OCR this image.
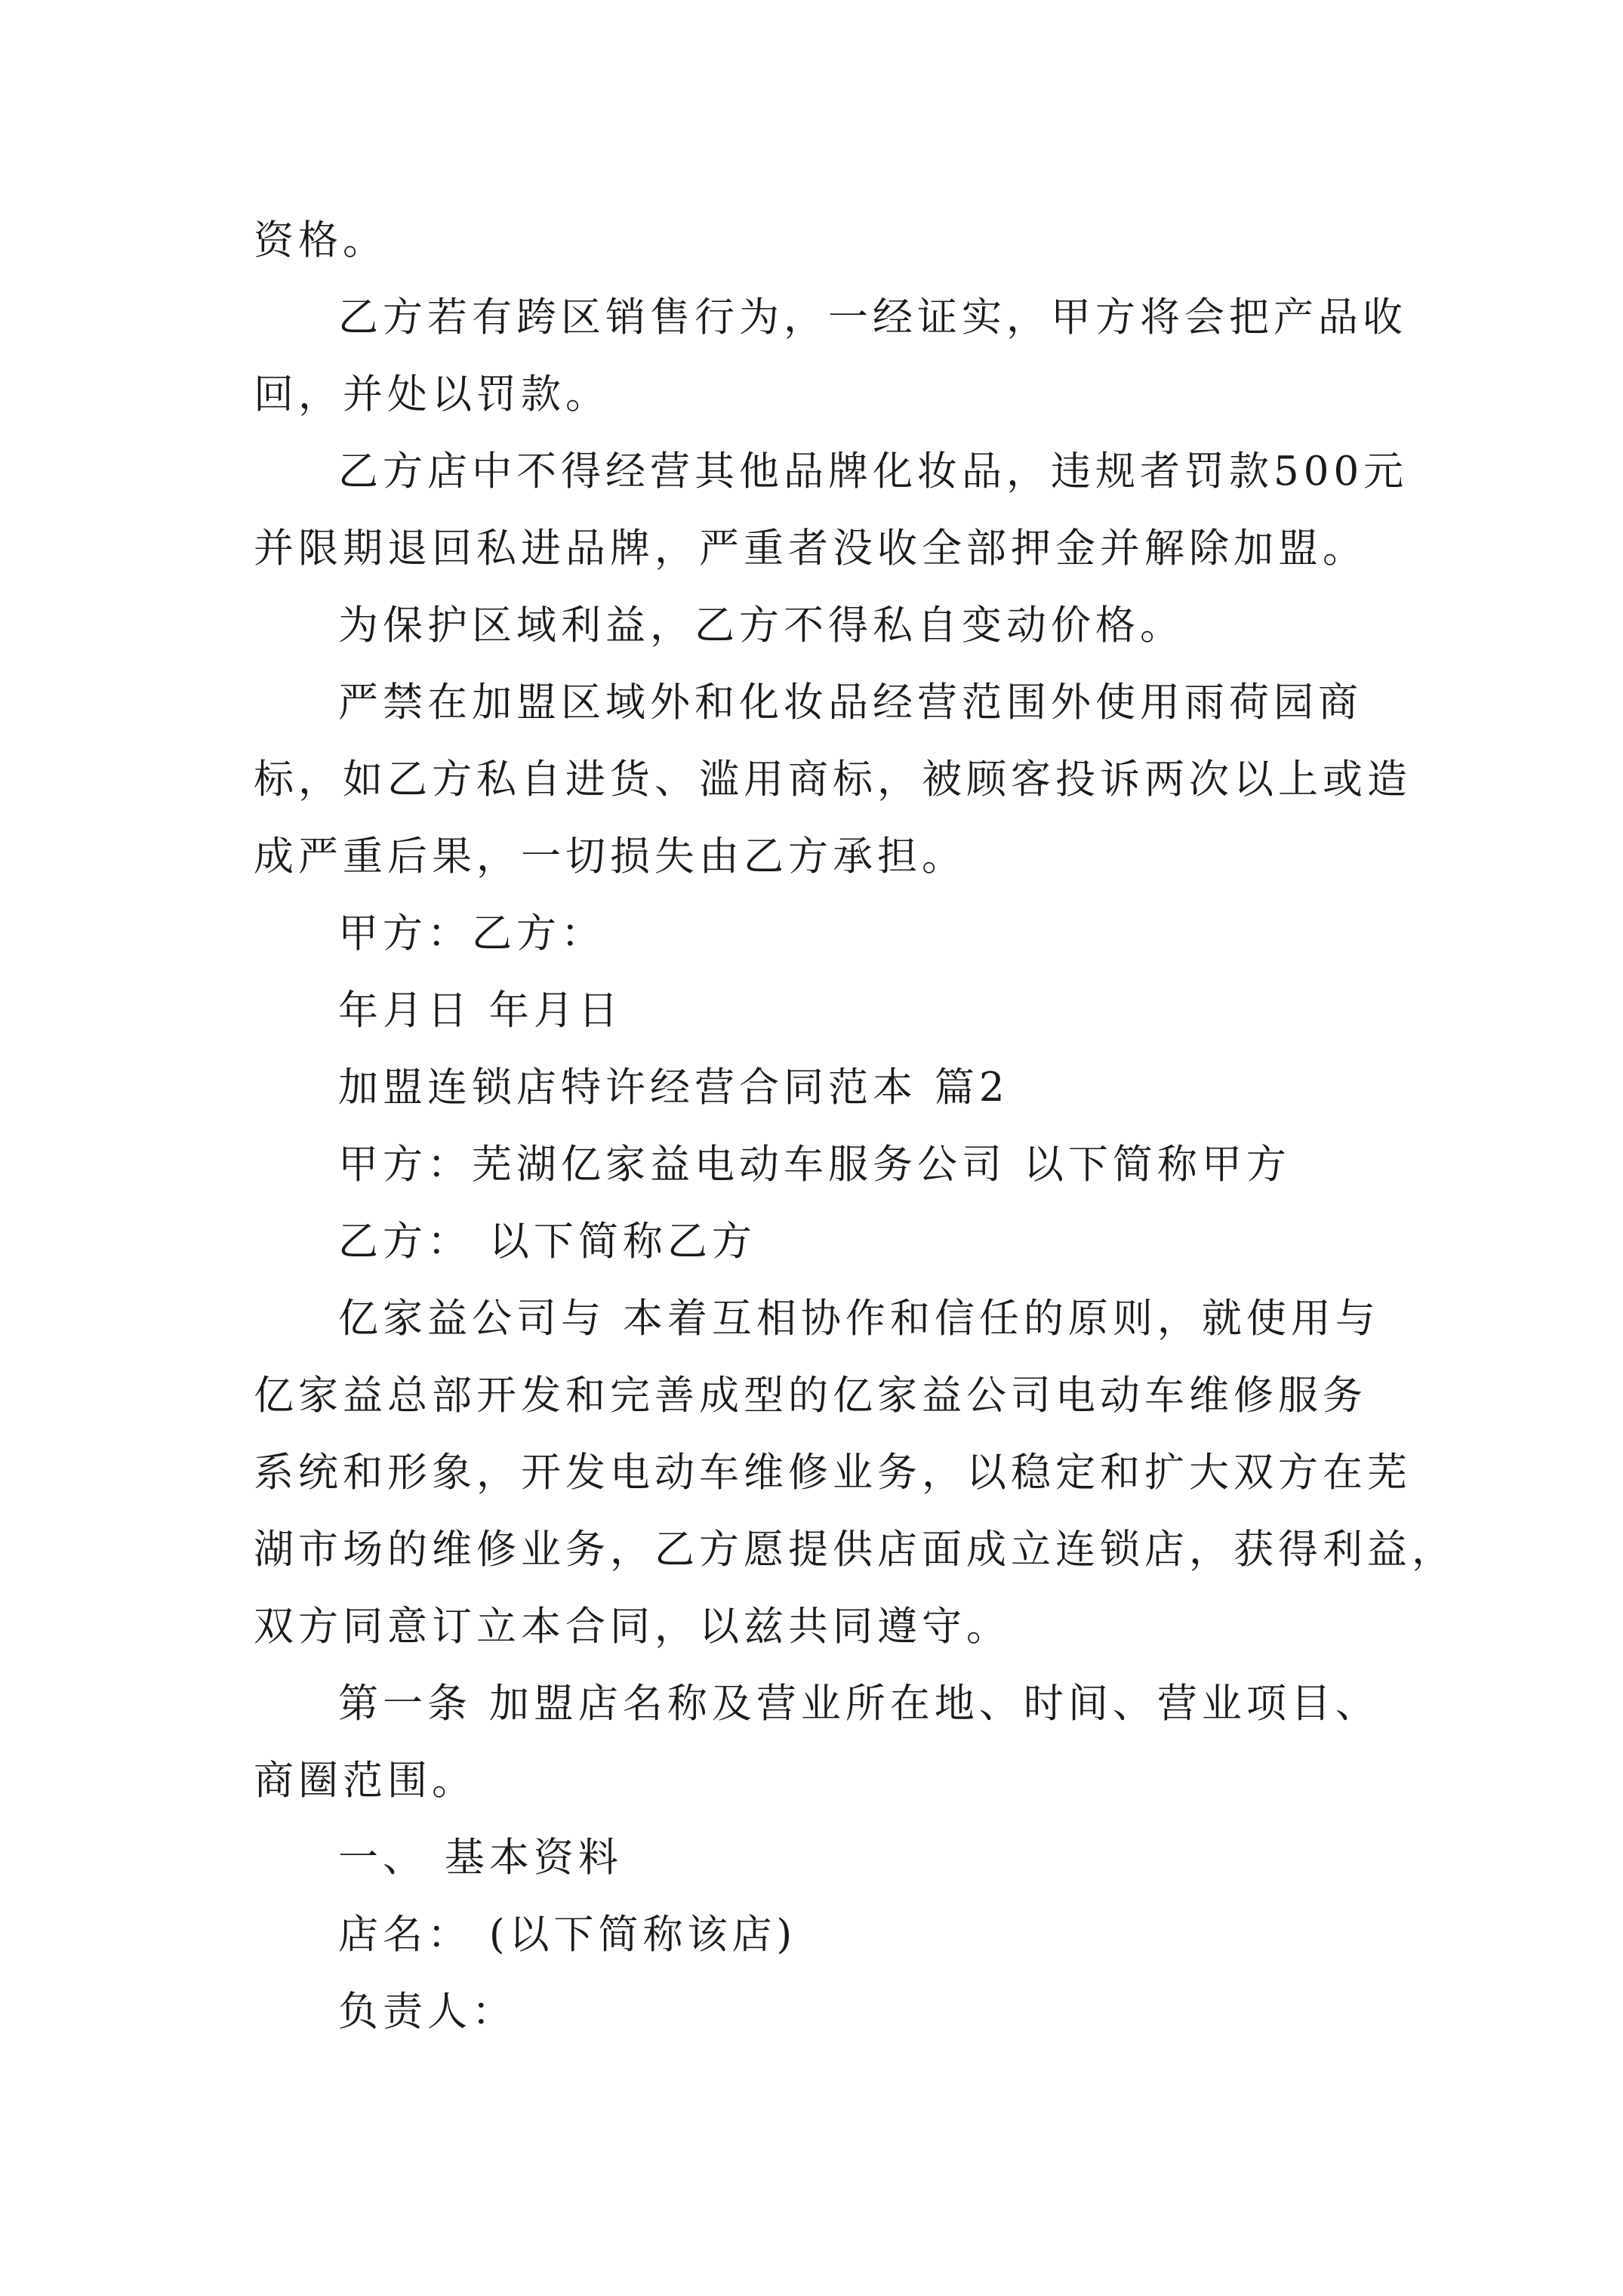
资格。
乙方若有跨区销售行为，一经证实，甲方将会把产品收
回，并处以罚款。
乙方店中不得经营其他品牌化妆品，违规者罚款500元
并限期退回私进品牌，严重者没收全部押金并解除加盟。
为保护区域利益，乙方不得私自变动价格。
严禁在加盟区域外和化妆品经营范围外使用雨荷园商
标，如乙方私自进货、滥用商标，被顾客投诉两次以上或造
成严重后果，一切损失由乙方承担。
甲方：乙方：
年月日 年月日
加盟连锁店特许经营合同范本 篇2
甲方：芜湖亿家益电动车服务公司 以下简称甲方
乙方： 以下简称乙方
亿家益公司与 本着互相协作和信任的原则，就使用与
亿家益总部开发和完善成型的亿家益公司电动车维修服务
系统和形象，开发电动车维修业务，以稳定和扩大双方在芜
湖市场的维修业务，乙方愿提供店面成立连锁店，获得利益，
双方同意订立本合同，以兹共同遵守。
第一条 加盟店名称及营业所在地、时间、营业项目、
商圈范围。
一、 基本资料
店名： (以下简称该店)
负责人：
